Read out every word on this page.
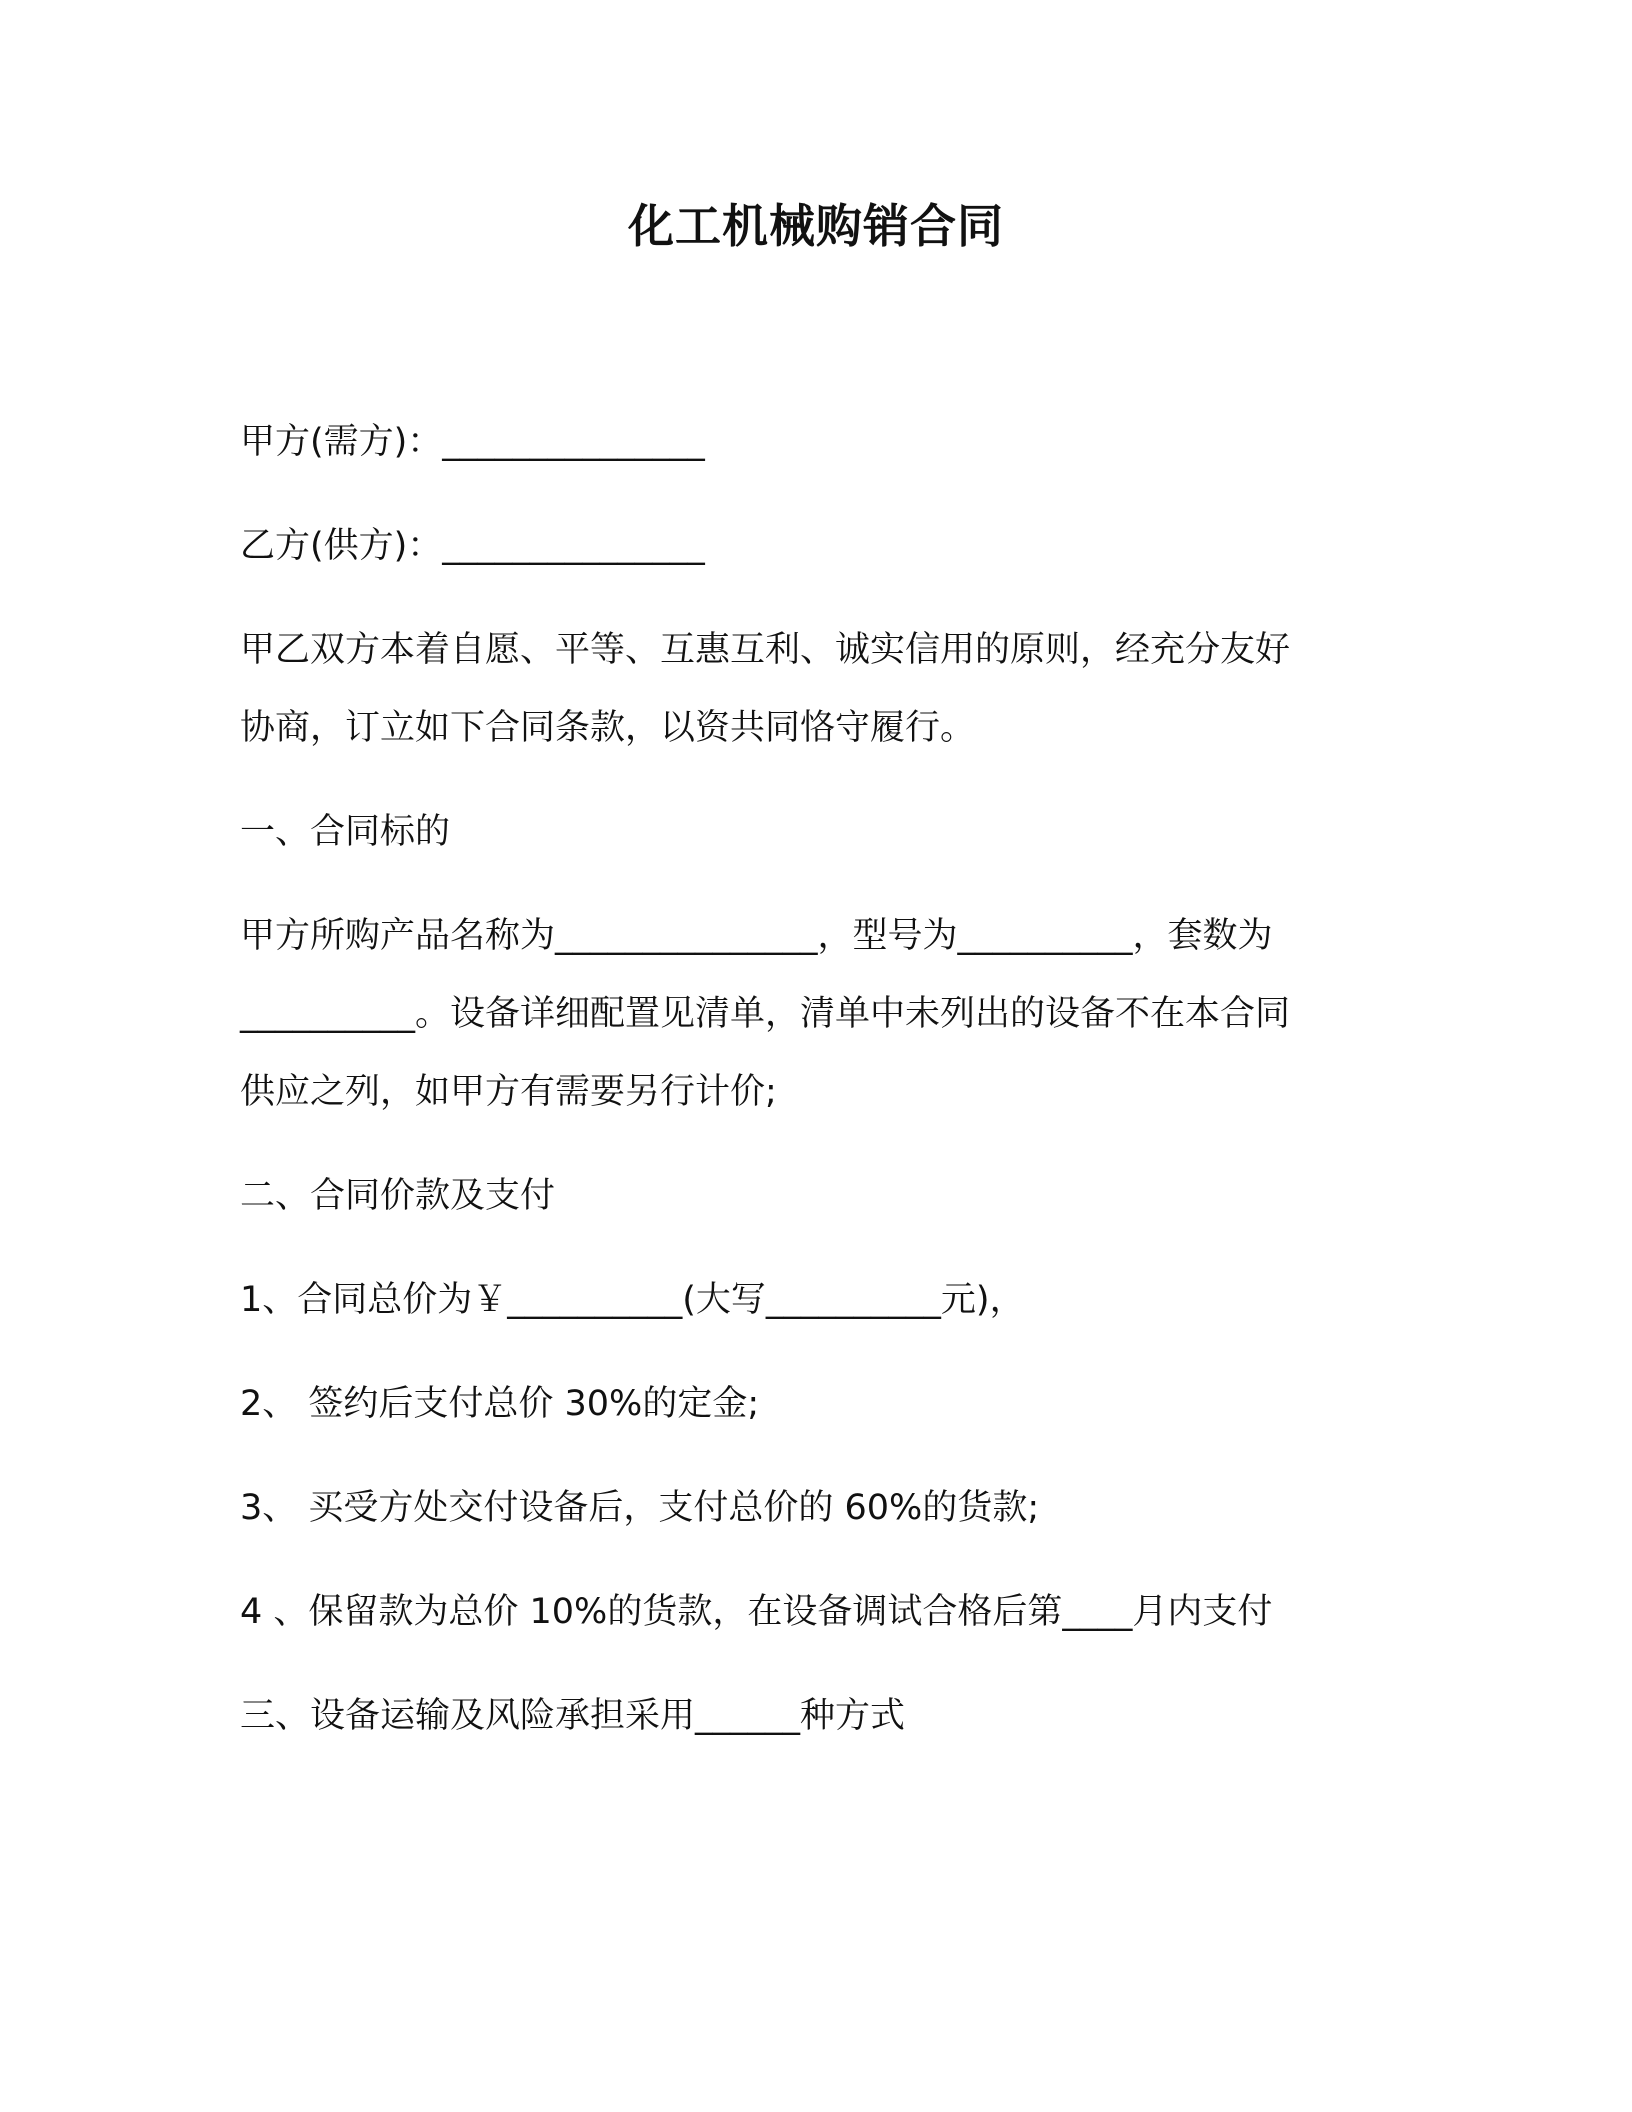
化工机械购销合同
甲方(需方)：_______________
乙方(供方)：_______________
甲乙双方本着自愿、平等、互惠互利、诚实信用的原则，经充分友好
协商，订立如下合同条款，以资共同恪守履行。
一、合同标的
甲方所购产品名称为_______________，型号为__________，套数为
__________。设备详细配置见清单，清单中未列出的设备不在本合同
供应之列，如甲方有需要另行计价;
二、合同价款及支付
1、合同总价为￥__________(大写__________元)，
2、 签约后支付总价 30%的定金;
3、 买受方处交付设备后，支付总价的 60%的货款;
4 、保留款为总价 10%的货款，在设备调试合格后第____月内支付
三、设备运输及风险承担采用______种方式
